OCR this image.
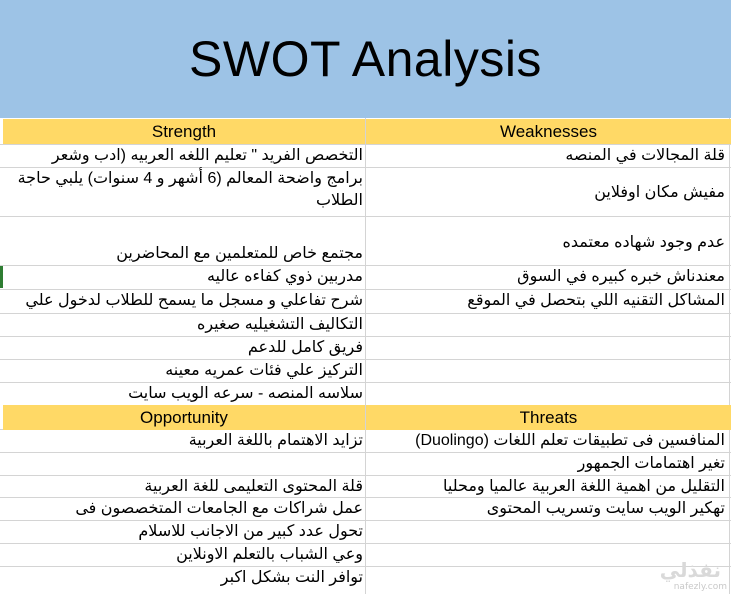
SWOT Analysis
Strength	Weaknesses
Opportunity	Threats
التخصص الفريد " تعليم اللغه العربيه (ادب وشعر
برامج واضحة المعالم (6 أشهر و 4 سنوات) يلبي حاجة الطلاب
مجتمع خاص للمتعلمين مع المحاضرين
مدربين ذوي كفاءه عاليه
شرح تفاعلي و مسجل ما يسمح للطلاب لدخول علي
التكاليف التشغيليه صغيره
فريق كامل للدعم
التركيز علي فئات عمريه معينه
سلاسه المنصه - سرعه الويب سايت
قلة المجالات في المنصه
مفيش مكان اوفلاين
عدم وجود شهاده معتمده
معندناش خبره كبيره في السوق
المشاكل التقنيه اللي بتحصل في الموقع
تزايد الاهتمام باللغة العربية
قلة المحتوى التعليمى للغة العربية
عمل شراكات مع الجامعات المتخصصون فى
تحول عدد كبير من الاجانب للاسلام
وعي الشباب بالتعلم الاونلاين
توافر النت بشكل اكبر
المنافسين فى تطبيقات تعلم اللغات (Duolingo)
تغير اهتمامات الجمهور
التقليل من اهمية اللغة العربية عالميا ومحليا
تهكير الويب سايت وتسريب المحتوى
نفذلي
nafezly.com
